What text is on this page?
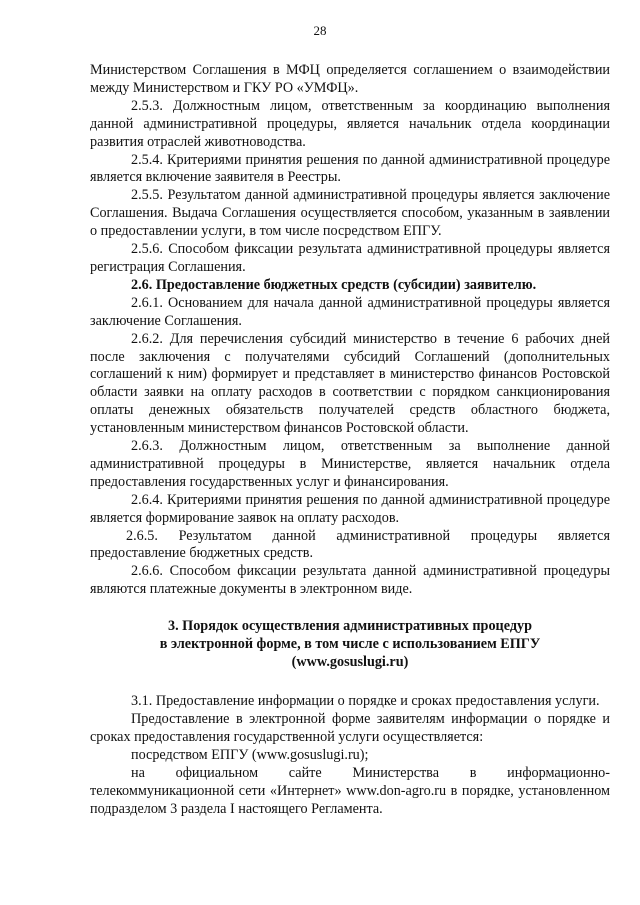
28

Министерством Соглашения в МФЦ определяется соглашением о взаимодействии между Министерством и ГКУ РО «УМФЦ».

2.5.3. Должностным лицом, ответственным за координацию выполнения данной административной процедуры, является начальник отдела координации развития отраслей животноводства.

2.5.4. Критериями принятия решения по данной административной процедуре является включение заявителя в Реестры.

2.5.5. Результатом данной административной процедуры является заключение Соглашения. Выдача Соглашения осуществляется способом, указанным в заявлении о предоставлении услуги, в том числе посредством ЕПГУ.

2.5.6. Способом фиксации результата административной процедуры является регистрация Соглашения.

2.6. Предоставление бюджетных средств (субсидии) заявителю.

2.6.1. Основанием для начала данной административной процедуры является заключение Соглашения.

2.6.2. Для перечисления субсидий министерство в течение 6 рабочих дней после заключения с получателями субсидий Соглашений (дополнительных соглашений к ним) формирует и представляет в министерство финансов Ростовской области заявки на оплату расходов в соответствии с порядком санкционирования оплаты денежных обязательств получателей средств областного бюджета, установленным министерством финансов Ростовской области.

2.6.3. Должностным лицом, ответственным за выполнение данной административной процедуры в Министерстве, является начальник отдела предоставления государственных услуг и финансирования.

2.6.4. Критериями принятия решения по данной административной процедуре является формирование заявок на оплату расходов.

2.6.5. Результатом данной административной процедуры является предоставление бюджетных средств.

2.6.6. Способом фиксации результата данной административной процедуры являются платежные документы в электронном виде.

3. Порядок осуществления административных процедур
в электронной форме, в том числе с использованием ЕПГУ
(www.gosuslugi.ru)

3.1. Предоставление информации о порядке и сроках предоставления услуги.

Предоставление в электронной форме заявителям информации о порядке и сроках предоставления государственной услуги осуществляется:

посредством ЕПГУ (www.gosuslugi.ru);

на официальном сайте Министерства в информационно-телекоммуникационной сети «Интернет» www.don-agro.ru в порядке, установленном подразделом 3 раздела I настоящего Регламента.
